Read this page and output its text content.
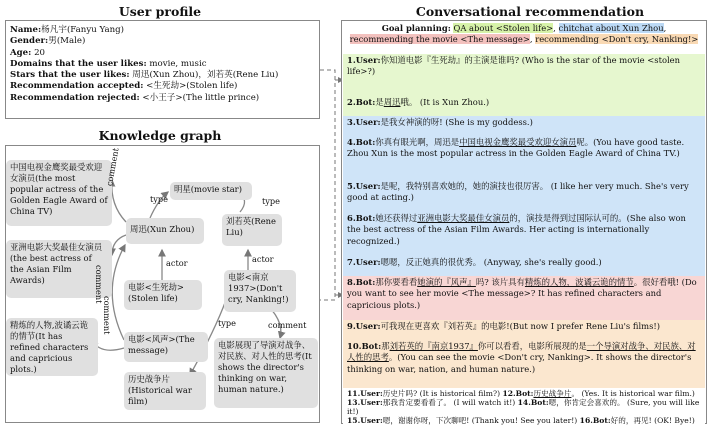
User profile
Name:杨凡宇(Fanyu Yang)
Gender:男(Male)
Age: 20
Domains that the user likes: movie, music
Stars that the user likes: 周迅(Xun Zhou)，刘若英(Rene Liu)
Recommendation accepted: <生死劫>(Stolen life)
Recommendation rejected: <小王子>(The little prince)
Knowledge graph
中国电视金鹰奖最受欢迎女演员(the most popular actress of the Golden Eagle Award of China TV)
亚洲电影大奖最佳女演员(the best actress of the Asian Film Awards)
精炼的人物,波谲云诡的情节(It has refined characters and capricious plots.)
明星(movie star)
周迅(Xun Zhou)
刘若英(Rene Liu)
电影<生死劫>(Stolen life)
电影<南京1937>(Don't cry, Nanking!)
电影<风声>(The message)
历史战争片(Historical war film)
电影展现了导演对战争、对民族、对人性的思考(It shows the director's thinking on war, human nature.)
comment
type	type
comment
actor	actor
comment	type	comment
Conversational recommendation
Goal planning: QA about <Stolen life>, chitchat about Xun Zhou,
recommending the movie <The message>, recommending <Don't cry, Nanking!>
1.User:你知道电影『生死劫』的主演是谁吗? (Who is the star of the movie <stolen life>?)
2.Bot:是周迅哦。 (It is Xun Zhou.)
3.User:是我女神演的呀! (She is my goddess.)
4.Bot:你真有眼光啊，周迅是中国电视金鹰奖最受欢迎女演员呢。(You have good taste. Zhou Xun is the most popular actress in the Golden Eagle Award of China TV.)
5.User:是呢，我特别喜欢她的，她的演技也很厉害。 (I like her very much. She's very good at acting.)
6.Bot:她还获得过亚洲电影大奖最佳女演员的，演技是得到过国际认可的。(She also won the best actress of the Asian Film Awards. Her acting is internationally recognized.)
7.User:嗯嗯，反正她真的很优秀。 (Anyway, she's really good.)
8.Bot:那你要看看她演的『风声』吗? 该片具有精炼的人物，波谲云诡的情节。很好看哦! (Do you want to see her movie <The message>? It has refined characters and capricious plots.)
9.User:可我现在更喜欢『刘若英』的电影!(But now I prefer Rene Liu's films!)
10.Bot:那刘若英的『南京1937』你可以看看，电影所展现的是一个导演对战争、对民族、对人性的思考。(You can see the movie <Don't cry, Nanking>. It shows the director's thinking on war, nation, and human nature.)
11.User:历史片吗? (It is historical film?) 12.Bot:历史战争片。 (Yes. It is historical war film.)
13.User:那我肯定要看看了。 (I will watch it!) 14.Bot:嗯，你肯定会喜欢的。 (Sure, you will like it!)
15.User:嗯，谢谢你呀，下次聊吧! (Thank you! See you later!) 16.Bot:好的，再见! (OK! Bye!)
